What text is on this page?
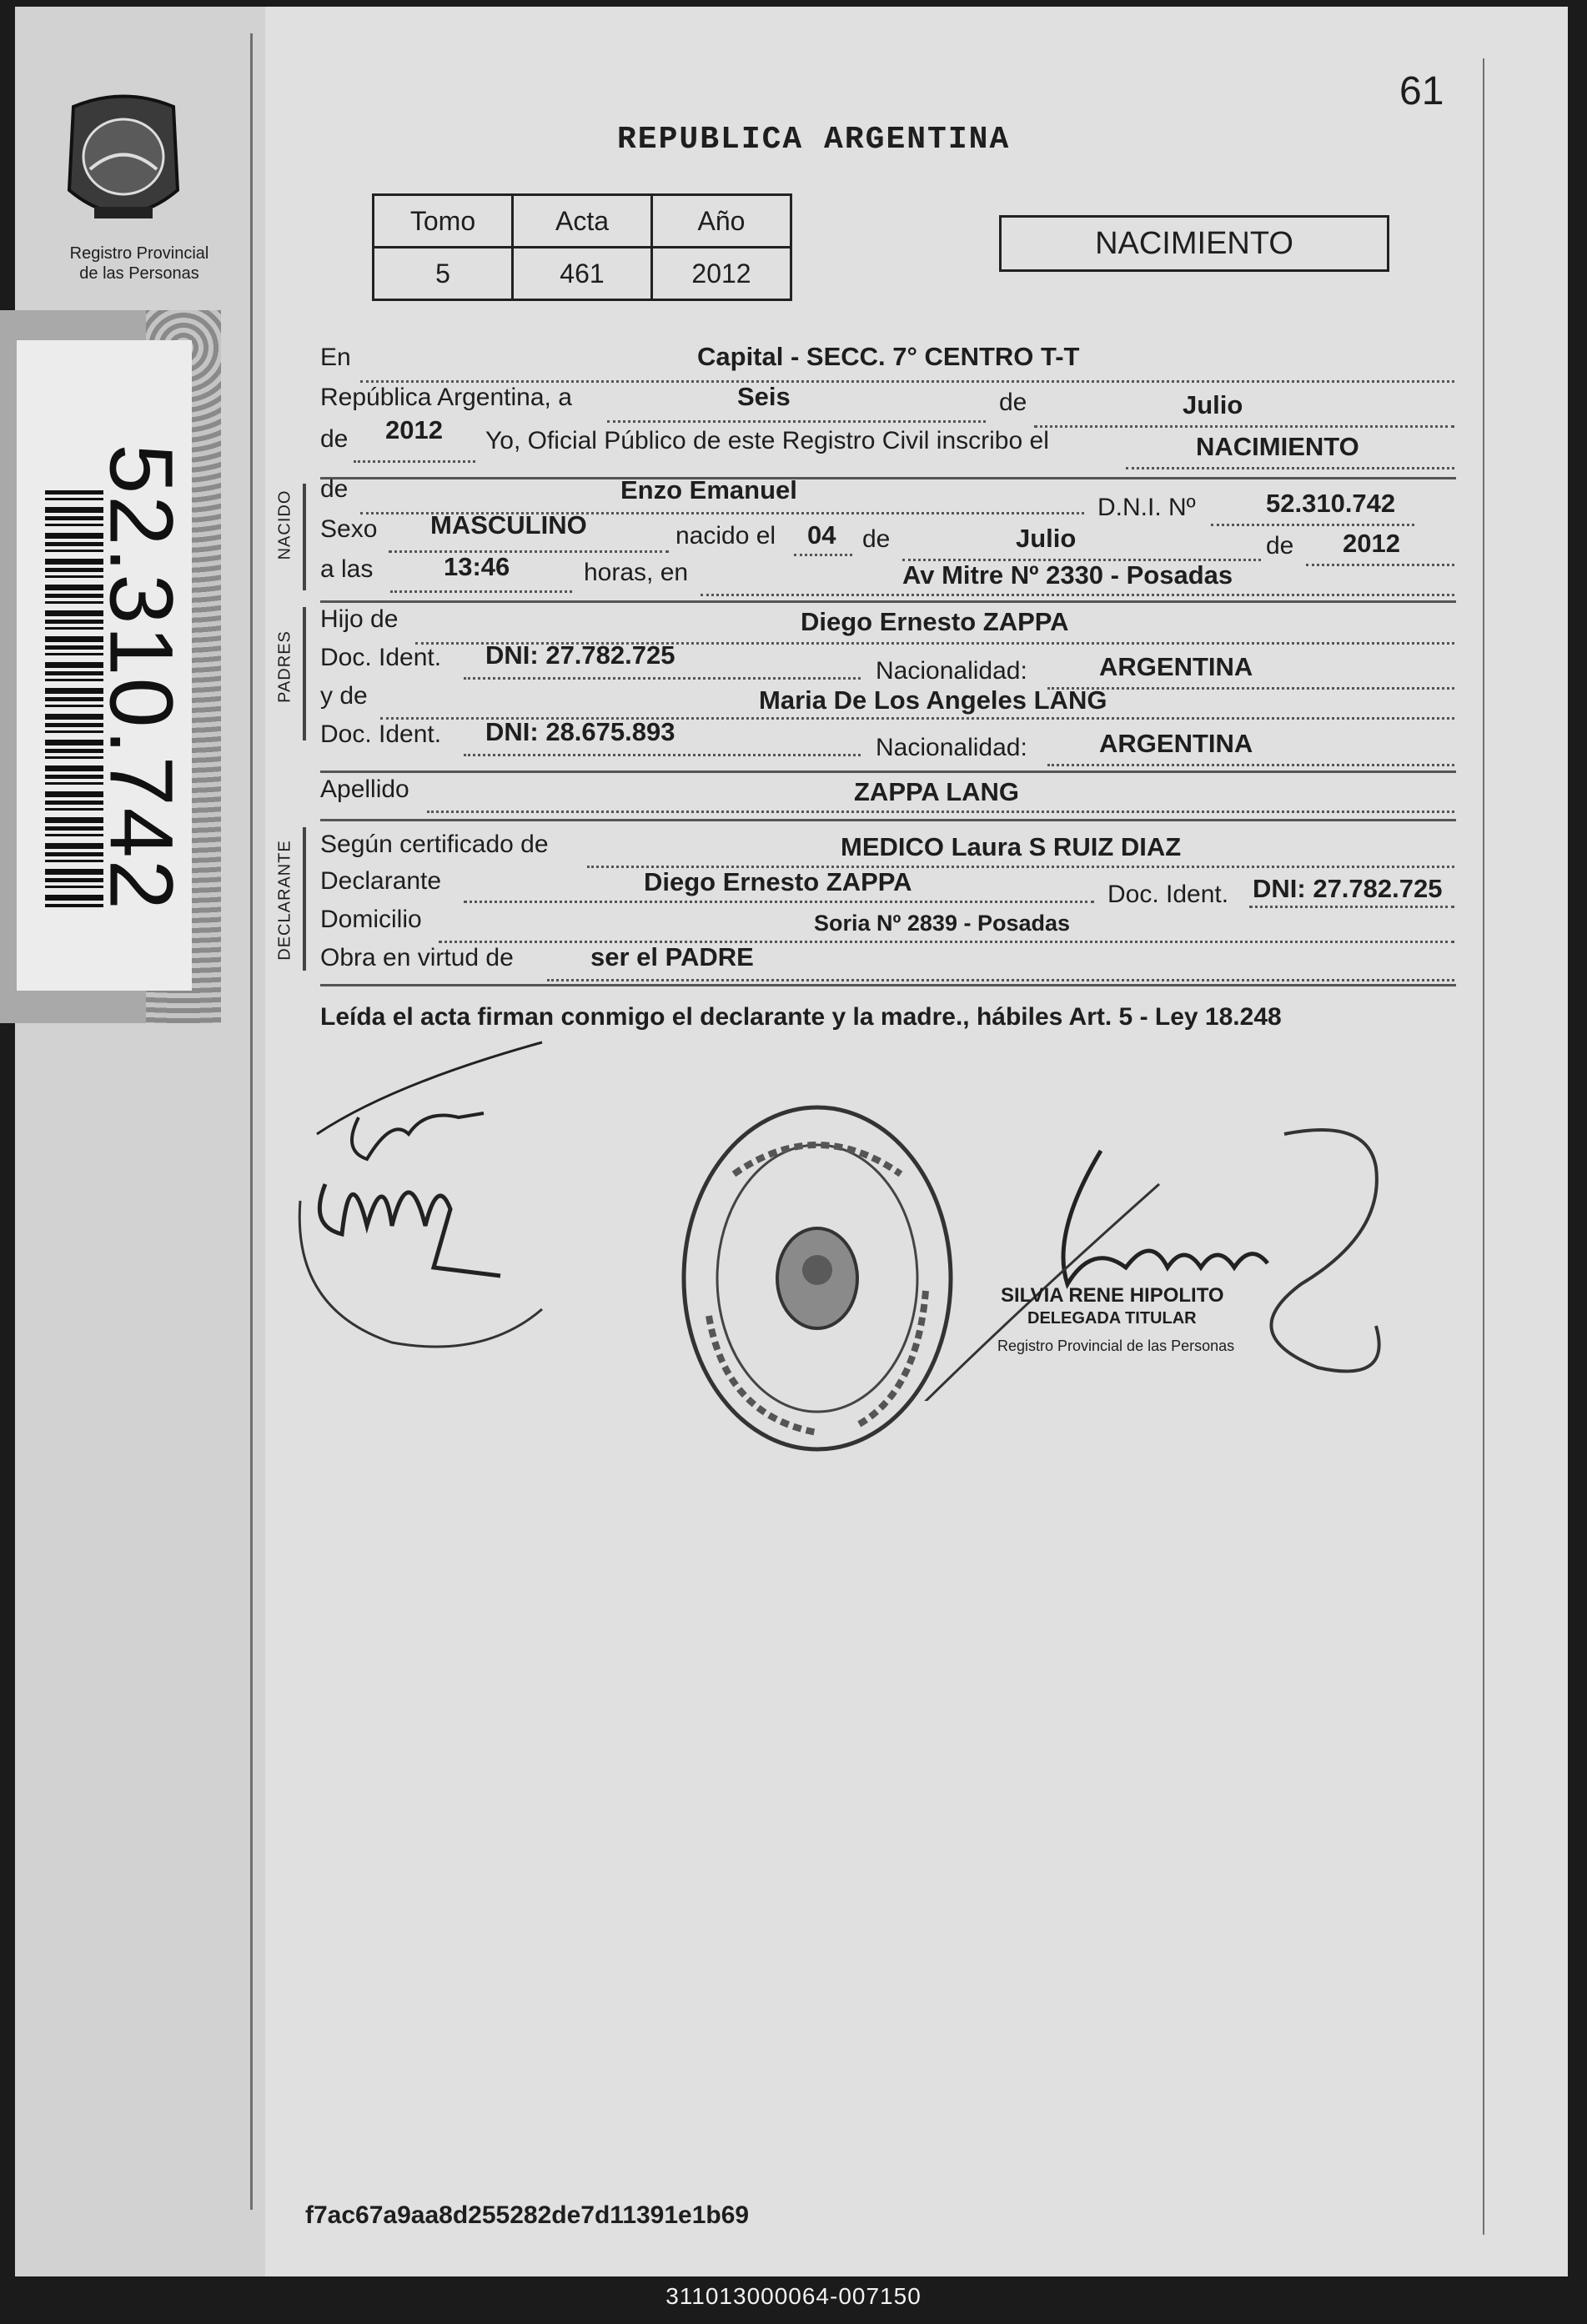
Registro Provincial
de las Personas
52.310.742
61
REPUBLICA ARGENTINA
Tomo	Acta	Año
5	461	2012
NACIMIENTO
En	Capital - SECC. 7° CENTRO T-T
República Argentina, a	Seis	de	Julio
de 2012 Yo, Oficial Público de este Registro Civil inscribo el	NACIMIENTO
NACIDO
de	Enzo Emanuel
D.N.I. Nº	52.310.742
Sexo MASCULINO	nacido el 04 de	Julio	de 2012
a las	13:46	horas, en	Av Mitre Nº 2330 - Posadas
PADRES
Hijo de	Diego Ernesto ZAPPA
Doc. Ident. DNI: 27.782.725
Nacionalidad:	ARGENTINA
y de	Maria De Los Angeles LANG
Doc. Ident. DNI: 28.675.893
Nacionalidad:	ARGENTINA
Apellido	ZAPPA LANG
DECLARANTE Según certificado de	MEDICO Laura S RUIZ DIAZ
Declarante	Diego Ernesto ZAPPA	Doc. Ident. DNI: 27.782.725
Domicilio	Soria Nº 2839 - Posadas
Obra en virtud de	ser el PADRE
Leída el acta firman conmigo el declarante y la madre., hábiles Art. 5 - Ley 18.248
SILVIA RENE HIPOLITO
DELEGADA TITULAR
Registro Provincial de las Personas
f7ac67a9aa8d255282de7d11391e1b69
311013000064-007150
